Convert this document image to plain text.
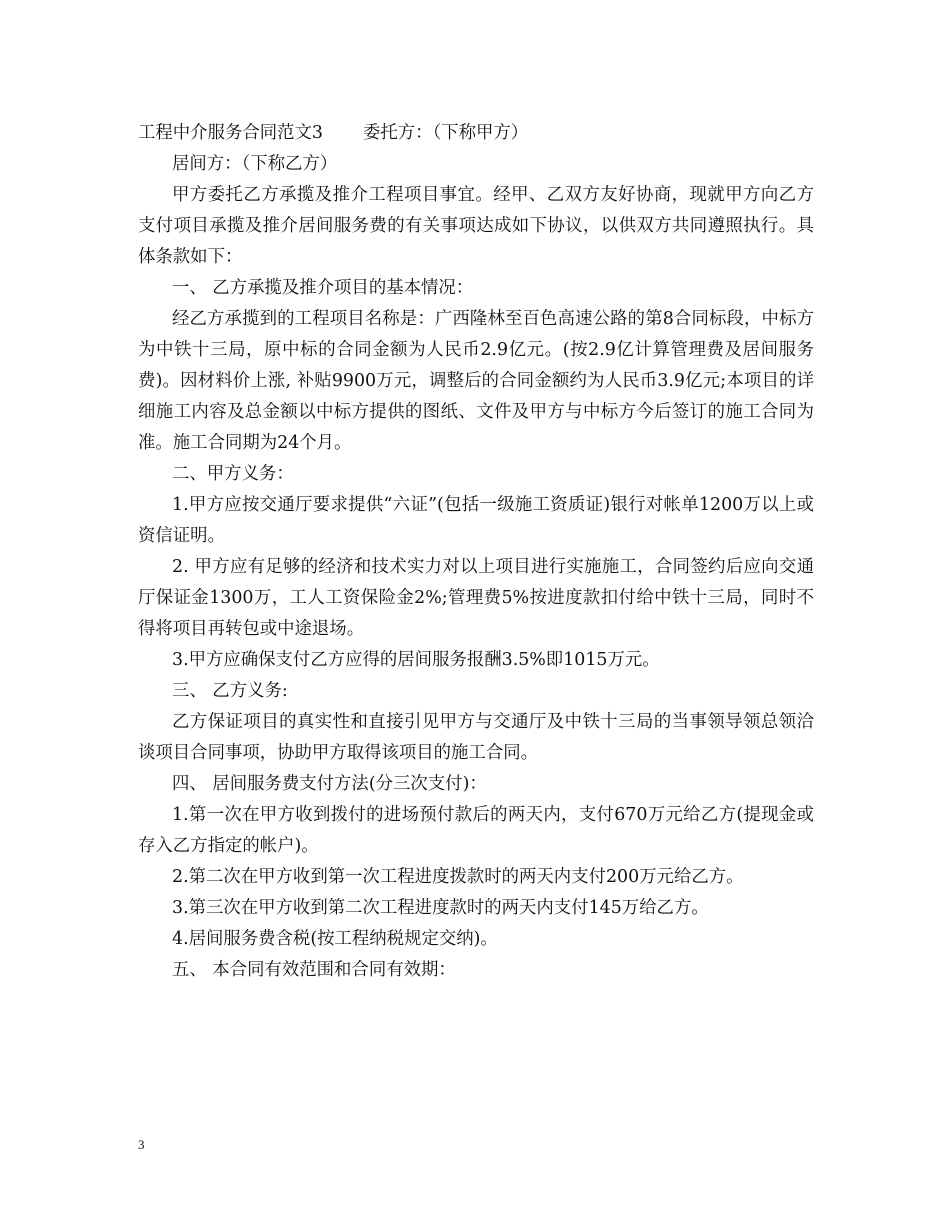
工程中介服务合同范文3 委托方：（下称甲方）

居间方：（下称乙方）

甲方委托乙方承揽及推介工程项目事宜。经甲、乙双方友好协商，现就甲方向乙方支付项目承揽及推介居间服务费的有关事项达成如下协议，以供双方共同遵照执行。具体条款如下：

一、 乙方承揽及推介项目的基本情况：

经乙方承揽到的工程项目名称是：广西隆林至百色高速公路的第8合同标段，中标方为中铁十三局，原中标的合同金额为人民币2.9亿元。(按2.9亿计算管理费及居间服务费)。因材料价上涨, 补贴9900万元，调整后的合同金额约为人民币3.9亿元;本项目的详细施工内容及总金额以中标方提供的图纸、文件及甲方与中标方今后签订的施工合同为准。施工合同期为24个月。

二、甲方义务：

1.甲方应按交通厅要求提供“六证”(包括一级施工资质证)银行对帐单1200万以上或资信证明。

2. 甲方应有足够的经济和技术实力对以上项目进行实施施工，合同签约后应向交通厅保证金1300万，工人工资保险金2%;管理费5%按进度款扣付给中铁十三局，同时不得将项目再转包或中途退场。

3.甲方应确保支付乙方应得的居间服务报酬3.5%即1015万元。

三、 乙方义务:

乙方保证项目的真实性和直接引见甲方与交通厅及中铁十三局的当事领导领总领洽谈项目合同事项，协助甲方取得该项目的施工合同。

四、 居间服务费支付方法(分三次支付)：

1.第一次在甲方收到拨付的进场预付款后的两天内，支付670万元给乙方(提现金或存入乙方指定的帐户)。

2.第二次在甲方收到第一次工程进度拨款时的两天内支付200万元给乙方。

3.第三次在甲方收到第二次工程进度款时的两天内支付145万给乙方。

4.居间服务费含税(按工程纳税规定交纳)。

五、 本合同有效范围和合同有效期：

3
